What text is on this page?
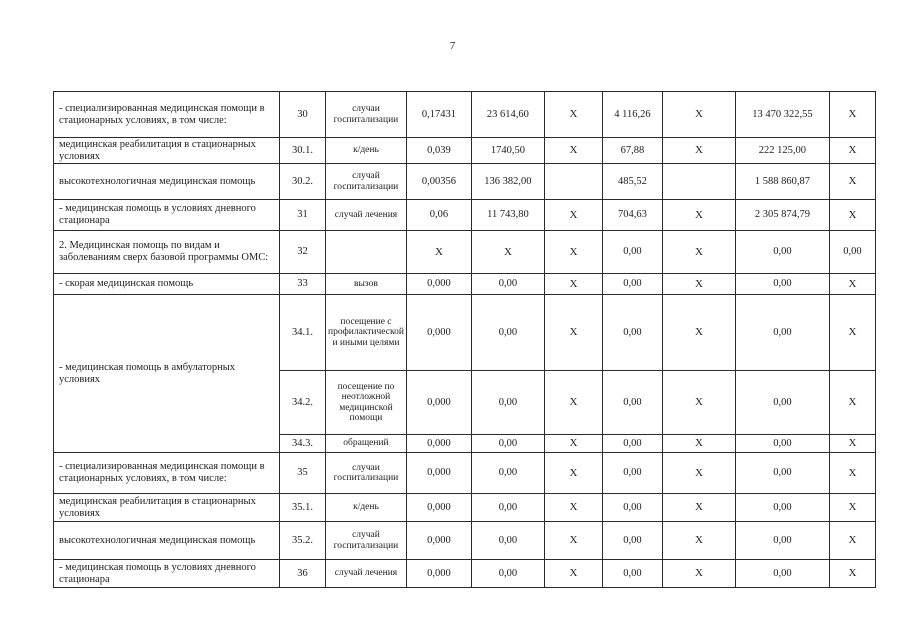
7
- специализированная медицинская помощи в стационарных условиях, в том числе:	30	случаи госпитализации	0,17431	23 614,60	X	4 116,26	X	13 470 322,55	X
медицинская реабилитация в стационарных условиях	30.1.	к/день	0,039	1740,50	X	67,88	X	222 125,00	X
высокотехнологичная медицинская помощь	30.2.	случай госпитализации	0,00356	136 382,00		485,52		1 588 860,87	X
- медицинская помощь в условиях дневного стационара	31	случай лечения	0,06	11 743,80	X	704,63	X	2 305 874,79	X
2. Медицинская помощь по видам и заболеваниям сверх базовой программы ОМС:	32		X	X	X	0,00	X	0,00	0,00
- скорая медицинская помощь	33	вызов	0,000	0,00	X	0,00	X	0,00	X
- медицинская помощь в амбулаторных условиях	34.1.	посещение с профилактической и иными целями	0,000	0,00	X	0,00	X	0,00	X
	34.2.	посещение по неотложной медицинской помощи	0,000	0,00	X	0,00	X	0,00	X
	34.3.	обращений	0,000	0,00	X	0,00	X	0,00	X
- специализированная медицинская помощи в стационарных условиях, в том числе:	35	случаи госпитализации	0,000	0,00	X	0,00	X	0,00	X
медицинская реабилитация в стационарных условиях	35.1.	к/день	0,000	0,00	X	0,00	X	0,00	X
высокотехнологичная медицинская помощь	35.2.	случай госпитализации	0,000	0,00	X	0,00	X	0,00	X
- медицинская помощь в условиях дневного стационара	36	случай лечения	0,000	0,00	X	0,00	X	0,00	X
